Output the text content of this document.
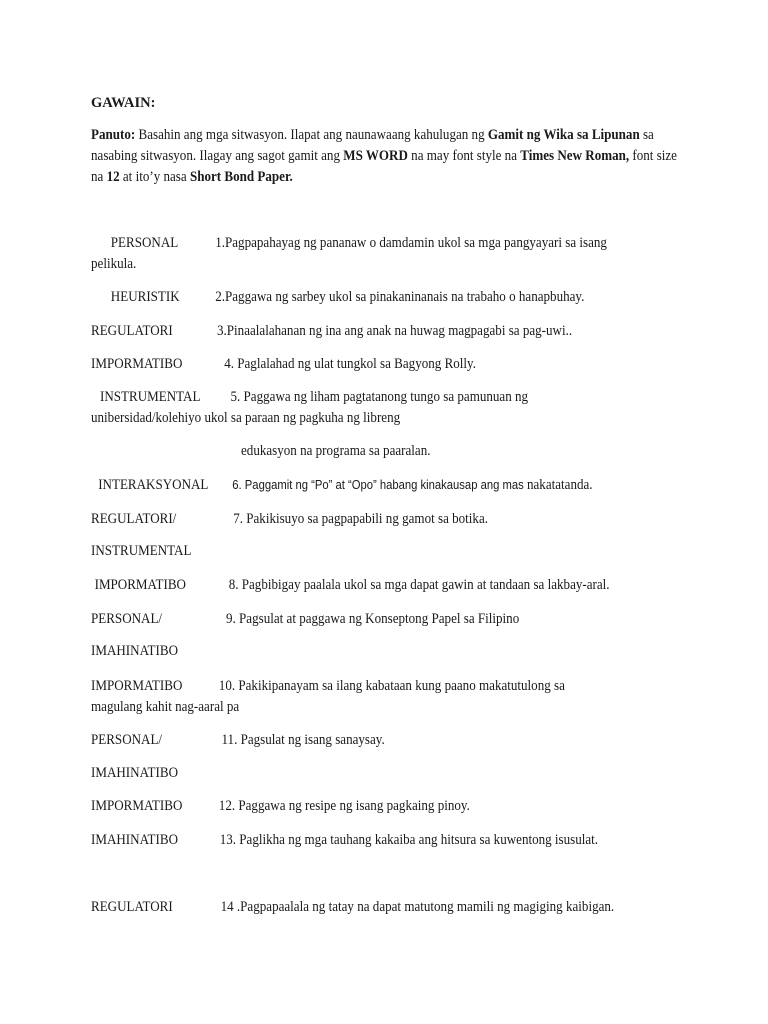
GAWAIN:
Panuto: Basahin ang mga sitwasyon. Ilapat ang naunawaang kahulugan ng Gamit ng Wika sa Lipunan sa nasabing sitwasyon. Ilagay ang sagot gamit ang MS WORD na may font style na Times New Roman, font size na 12 at ito’y nasa Short Bond Paper.
PERSONAL	1.Pagpapahayag ng pananaw o damdamin ukol sa mga pangyayari sa isang
pelikula.
HEURISTIK 2.Paggawa ng sarbey ukol sa pinakaninanais na trabaho o hanapbuhay.
REGULATORI	3.Pinaalalahanan ng ina ang anak na huwag magpagabi sa pag-uwi..
IMPORMATIBO	4. Paglalahad ng ulat tungkol sa Bagyong Rolly.
INSTRUMENTAL 5. Paggawa ng liham pagtatanong tungo sa pamunuan ng
unibersidad/kolehiyo ukol sa paraan ng pagkuha ng libreng
edukasyon na programa sa paaralan.
INTERAKSYONAL 6. Paggamit ng “Po” at “Opo” habang kinakausap ang mas nakatatanda.
REGULATORI/	7. Pakikisuyo sa pagpapabili ng gamot sa botika.
INSTRUMENTAL
IMPORMATIBO	8. Pagbibigay paalala ukol sa mga dapat gawin at tandaan sa lakbay-aral.
PERSONAL/	9. Pagsulat at paggawa ng Konseptong Papel sa Filipino
IMAHINATIBO
IMPORMATIBO	10. Pakikipanayam sa ilang kabataan kung paano makatutulong sa
magulang kahit nag-aaral pa
PERSONAL/	11. Pagsulat ng isang sanaysay.
IMAHINATIBO
IMPORMATIBO	12. Paggawa ng resipe ng isang pagkaing pinoy.
IMAHINATIBO	13. Paglikha ng mga tauhang kakaiba ang hitsura sa kuwentong isusulat.
REGULATORI	14 .Pagpapaalala ng tatay na dapat matutong mamili ng magiging kaibigan.
